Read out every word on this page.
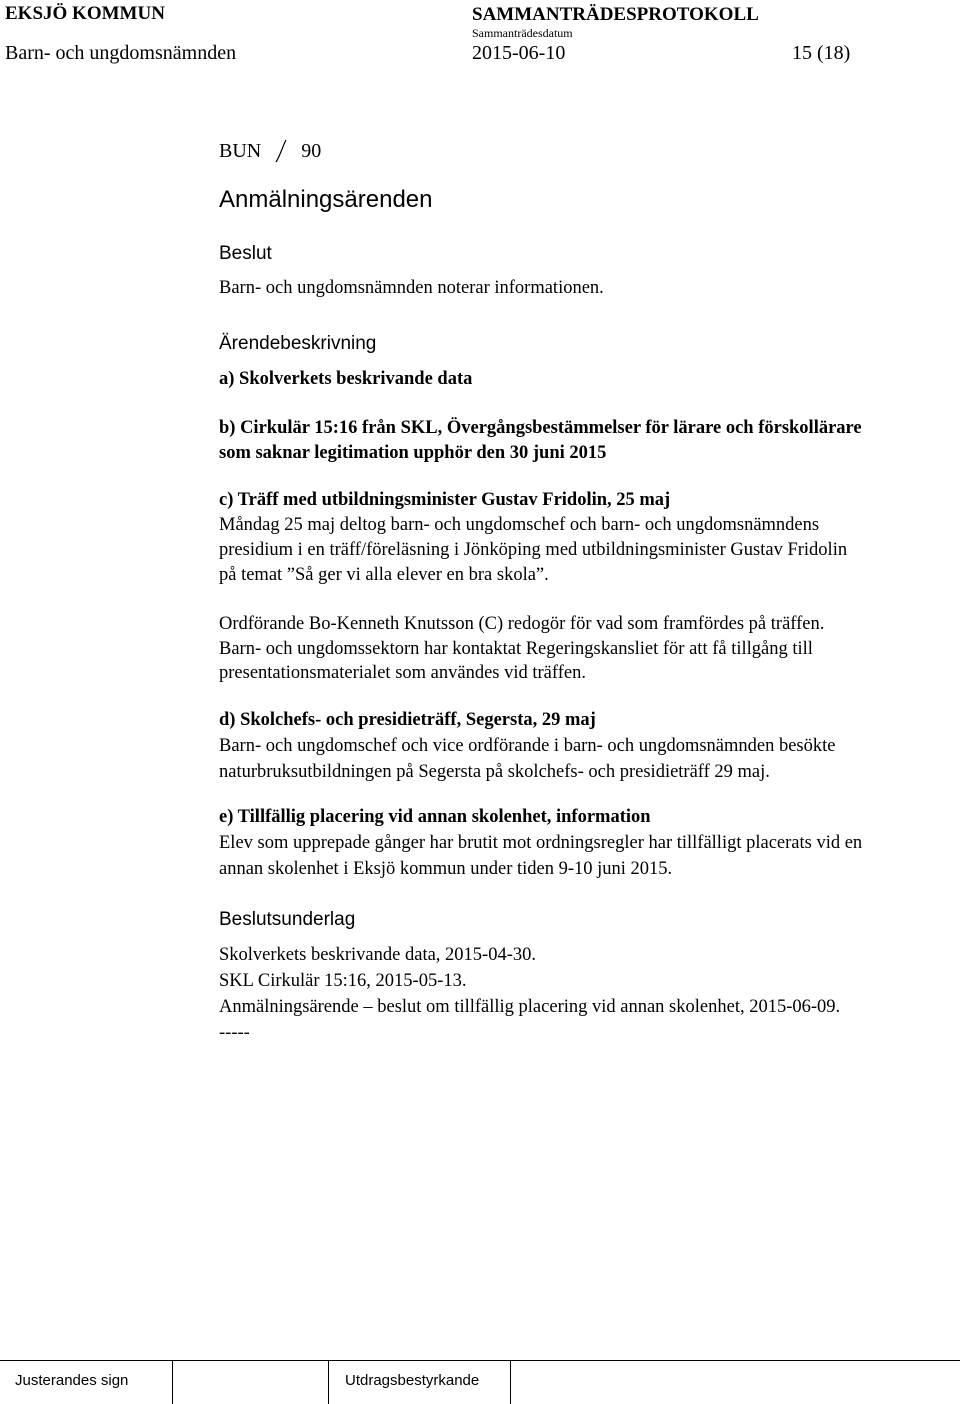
EKSJÖ KOMMUN	SAMMANTRÄDESPROTOKOLL
Sammanträdesdatum
Barn- och ungdomsnämnden	2015-06-10	15 (18)
BUN 90
Anmälningsärenden
Beslut
Barn- och ungdomsnämnden noterar informationen.
Ärendebeskrivning
a) Skolverkets beskrivande data
b) Cirkulär 15:16 från SKL, Övergångsbestämmelser för lärare och förskollärare
som saknar legitimation upphör den 30 juni 2015
c) Träff med utbildningsminister Gustav Fridolin, 25 maj
Måndag 25 maj deltog barn- och ungdomschef och barn- och ungdomsnämndens
presidium i en träff/föreläsning i Jönköping med utbildningsminister Gustav Fridolin
på temat ”Så ger vi alla elever en bra skola”.
Ordförande Bo-Kenneth Knutsson (C) redogör för vad som framfördes på träffen.
Barn- och ungdomssektorn har kontaktat Regeringskansliet för att få tillgång till
presentationsmaterialet som användes vid träffen.
d) Skolchefs- och presidieträff, Segersta, 29 maj
Barn- och ungdomschef och vice ordförande i barn- och ungdomsnämnden besökte
naturbruksutbildningen på Segersta på skolchefs- och presidieträff 29 maj.
e) Tillfällig placering vid annan skolenhet, information
Elev som upprepade gånger har brutit mot ordningsregler har tillfälligt placerats vid en
annan skolenhet i Eksjö kommun under tiden 9-10 juni 2015.
Beslutsunderlag
Skolverkets beskrivande data, 2015-04-30.
SKL Cirkulär 15:16, 2015-05-13.
Anmälningsärende – beslut om tillfällig placering vid annan skolenhet, 2015-06-09.
-----
Justerandes sign	Utdragsbestyrkande
